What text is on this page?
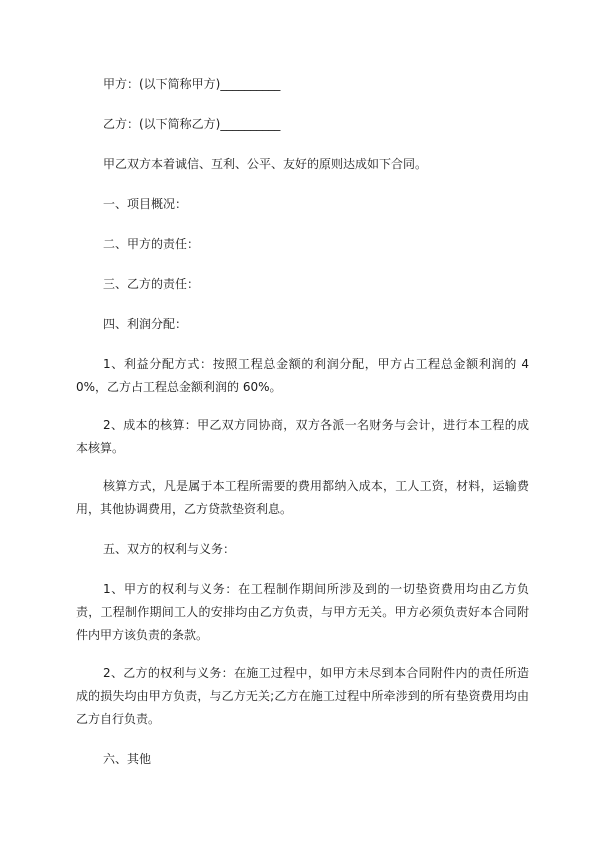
甲方：(以下简称甲方)__________

乙方：(以下简称乙方)__________

甲乙双方本着诚信、互利、公平、友好的原则达成如下合同。

一、项目概况：

二、甲方的责任：

三、乙方的责任：

四、利润分配：

1、利益分配方式：按照工程总金额的利润分配，甲方占工程总金额利润的 40%，乙方占工程总金额利润的 60%。

2、成本的核算：甲乙双方同协商，双方各派一名财务与会计，进行本工程的成本核算。

核算方式，凡是属于本工程所需要的费用都纳入成本，工人工资，材料，运输费用，其他协调费用，乙方贷款垫资利息。

五、双方的权利与义务：

1、甲方的权利与义务：在工程制作期间所涉及到的一切垫资费用均由乙方负责，工程制作期间工人的安排均由乙方负责，与甲方无关。甲方必须负责好本合同附件内甲方该负责的条款。

2、乙方的权利与义务：在施工过程中，如甲方未尽到本合同附件内的责任所造成的损失均由甲方负责，与乙方无关;乙方在施工过程中所牵涉到的所有垫资费用均由乙方自行负责。

六、其他
